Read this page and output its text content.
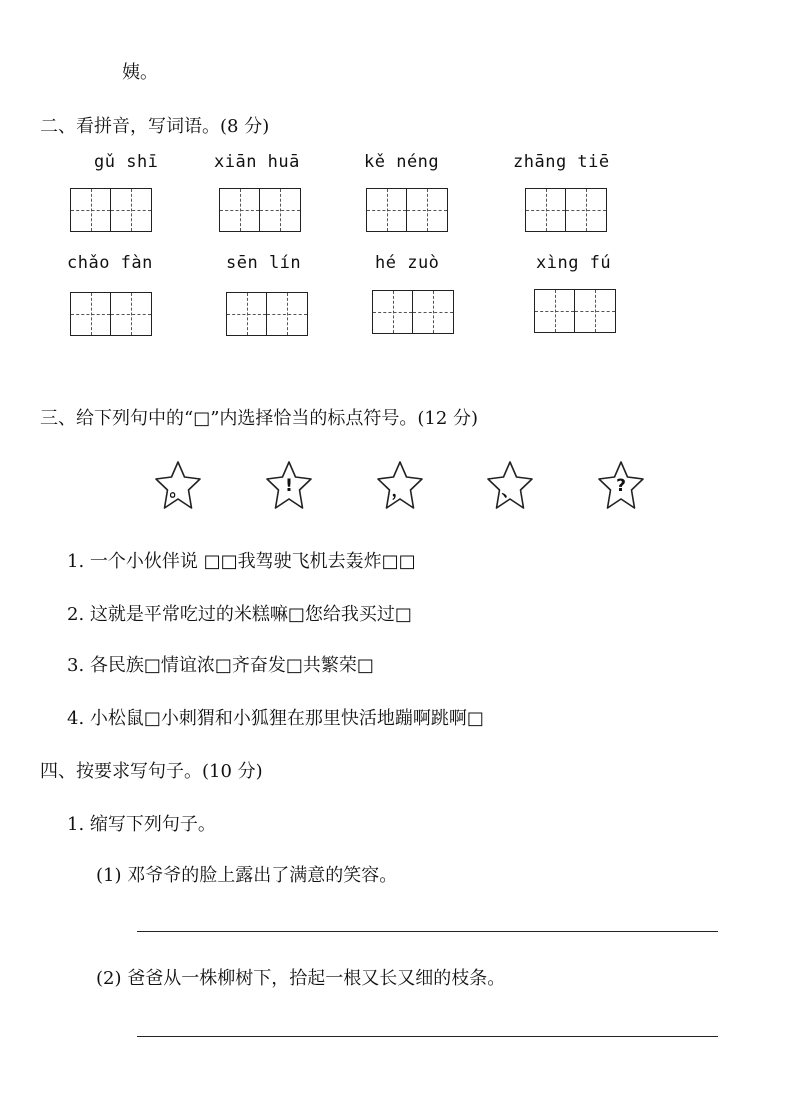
姨。
二、看拼音，写词语。(8 分)
gǔ shī	xiān huā	kě néng	zhāng tiē
chǎo fàn	sēn lín	hé zuò	xìng fú
三、给下列句中的“□”内选择恰当的标点符号。(12 分)
。	!	，	、	?
1. 一个小伙伴说 □□我驾驶飞机去轰炸□□
2. 这就是平常吃过的米糕嘛□您给我买过□
3. 各民族□情谊浓□齐奋发□共繁荣□
4. 小松鼠□小刺猬和小狐狸在那里快活地蹦啊跳啊□
四、按要求写句子。(10 分)
1. 缩写下列句子。
(1) 邓爷爷的脸上露出了满意的笑容。
(2) 爸爸从一株柳树下，拾起一根又长又细的枝条。
